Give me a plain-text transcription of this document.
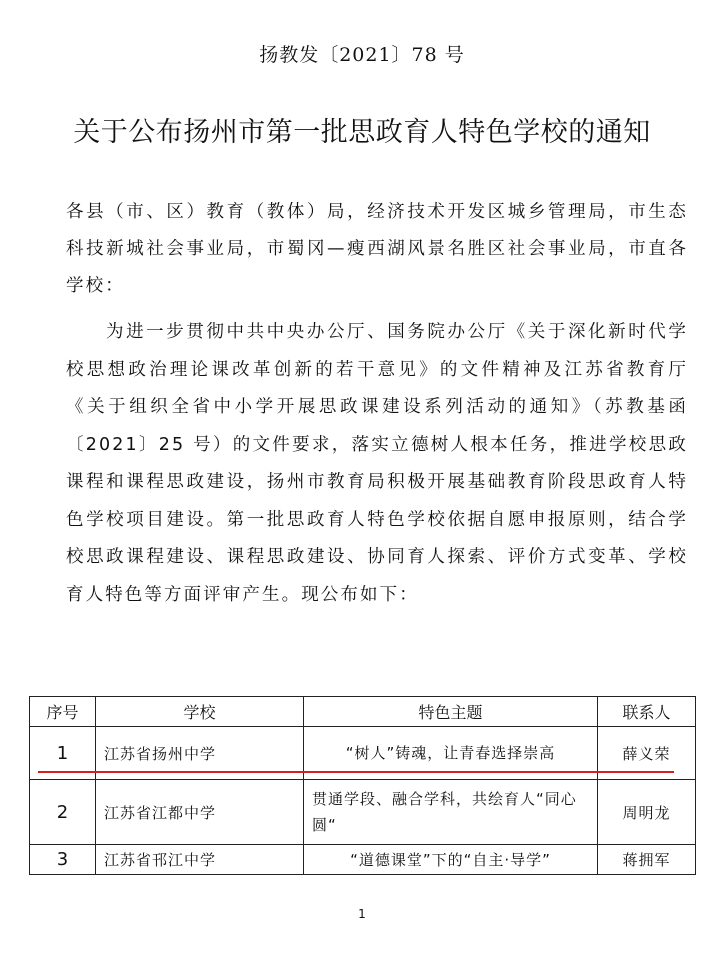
扬教发〔2021〕78 号
关于公布扬州市第一批思政育人特色学校的通知
各县（市、区）教育（教体）局，经济技术开发区城乡管理局，市生态科技新城社会事业局，市蜀冈—瘦西湖风景名胜区社会事业局，市直各学校：
为进一步贯彻中共中央办公厅、国务院办公厅《关于深化新时代学校思想政治理论课改革创新的若干意见》的文件精神及江苏省教育厅《关于组织全省中小学开展思政课建设系列活动的通知》（苏教基函〔2021〕25 号）的文件要求，落实立德树人根本任务，推进学校思政课程和课程思政建设，扬州市教育局积极开展基础教育阶段思政育人特色学校项目建设。第一批思政育人特色学校依据自愿申报原则，结合学校思政课程建设、课程思政建设、协同育人探索、评价方式变革、学校育人特色等方面评审产生。现公布如下：
序号	学校	特色主题	联系人
1	江苏省扬州中学	“树人”铸魂，让青春选择崇高	薛义荣
2	江苏省江都中学	贯通学段、融合学科，共绘育人“同心圆“	周明龙
3	江苏省邗江中学	“道德课堂”下的“自主·导学”	蒋拥军
1
